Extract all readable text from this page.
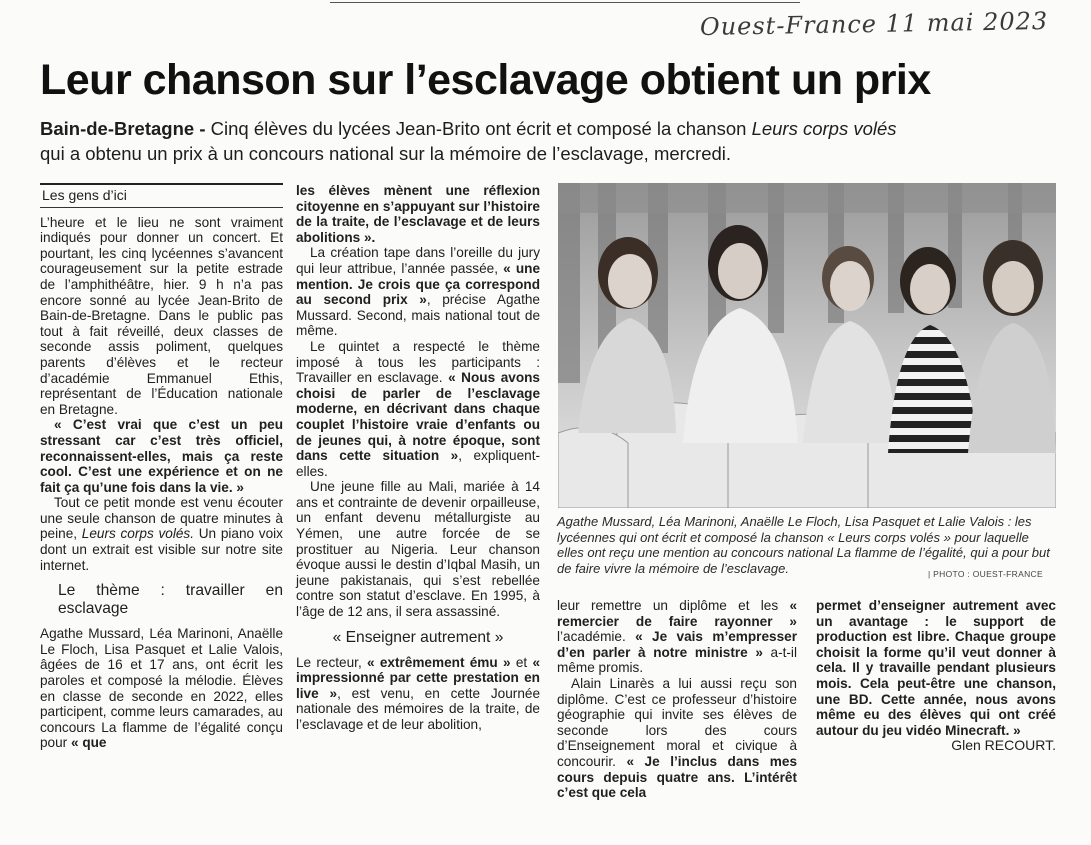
Ouest-France 11 mai 2023
Leur chanson sur l’esclavage obtient un prix

Bain-de-Bretagne - Cinq élèves du lycées Jean-Brito ont écrit et composé la chanson Leurs corps volés qui a obtenu un prix à un concours national sur la mémoire de l’esclavage, mercredi.

Les gens d’ici

L’heure et le lieu ne sont vraiment indiqués pour donner un concert. Et pourtant, les cinq lycéennes s’avancent courageusement sur la petite estrade de l’amphithéâtre, hier. 9 h n’a pas encore sonné au lycée Jean-Brito de Bain-de-Bretagne. Dans le public pas tout à fait réveillé, deux classes de seconde assis poliment, quelques parents d’élèves et le recteur d’académie Emmanuel Ethis, représentant de l’Éducation nationale en Bretagne.

« C’est vrai que c’est un peu stressant car c’est très officiel, reconnaissent-elles, mais ça reste cool. C’est une expérience et on ne fait ça qu’une fois dans la vie. »

Tout ce petit monde est venu écouter une seule chanson de quatre minutes à peine, Leurs corps volés. Un piano voix dont un extrait est visible sur notre site internet.

Le thème : travailler en esclavage

Agathe Mussard, Léa Marinoni, Anaëlle Le Floch, Lisa Pasquet et Lalie Valois, âgées de 16 et 17 ans, ont écrit les paroles et composé la mélodie. Élèves en classe de seconde en 2022, elles participent, comme leurs camarades, au concours La flamme de l’égalité conçu pour « que

les élèves mènent une réflexion citoyenne en s’appuyant sur l’histoire de la traite, de l’esclavage et de leurs abolitions ».

La création tape dans l’oreille du jury qui leur attribue, l’année passée, « une mention. Je crois que ça correspond au second prix », précise Agathe Mussard. Second, mais national tout de même.

Le quintet a respecté le thème imposé à tous les participants : Travailler en esclavage. « Nous avons choisi de parler de l’esclavage moderne, en décrivant dans chaque couplet l’histoire vraie d’enfants ou de jeunes qui, à notre époque, sont dans cette situation », expliquent-elles.

Une jeune fille au Mali, mariée à 14 ans et contrainte de devenir orpailleuse, un enfant devenu métallurgiste au Yémen, une autre forcée de se prostituer au Nigeria. Leur chanson évoque aussi le destin d’Iqbal Masih, un jeune pakistanais, qui s’est rebellée contre son statut d’esclave. En 1995, à l’âge de 12 ans, il sera assassiné.

« Enseigner autrement »

Le recteur, « extrêmement ému » et « impressionné par cette prestation en live », est venu, en cette Journée nationale des mémoires de la traite, de l’esclavage et de leur abolition,

Agathe Mussard, Léa Marinoni, Anaëlle Le Floch, Lisa Pasquet et Lalie Valois : les lycéennes qui ont écrit et composé la chanson « Leurs corps volés » pour laquelle elles ont reçu une mention au concours national La flamme de l’égalité, qui a pour but de faire vivre la mémoire de l’esclavage.	| PHOTO : OUEST-FRANCE

leur remettre un diplôme et les « remercier de faire rayonner » l’académie. « Je vais m’empresser d’en parler à notre ministre » a-t-il même promis.

Alain Linarès a lui aussi reçu son diplôme. C’est ce professeur d’histoire géographie qui invite ses élèves de seconde lors des cours d’Enseignement moral et civique à concourir. « Je l’inclus dans mes cours depuis quatre ans. L’intérêt c’est que cela

permet d’enseigner autrement avec un avantage : le support de production est libre. Chaque groupe choisit la forme qu’il veut donner à cela. Il y travaille pendant plusieurs mois. Cela peut-être une chanson, une BD. Cette année, nous avons même eu des élèves qui ont créé autour du jeu vidéo Minecraft. »

Glen RECOURT.
